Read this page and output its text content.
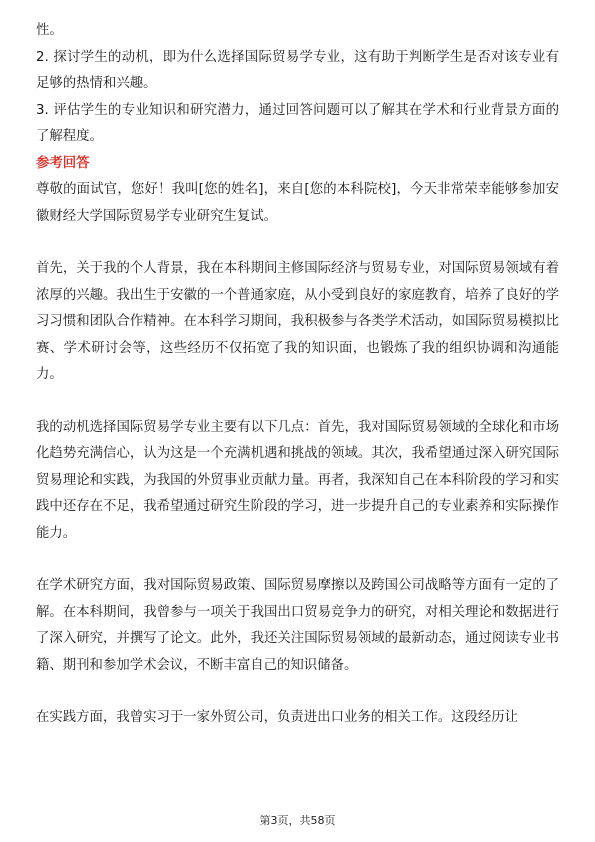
性。

2. 探讨学生的动机，即为什么选择国际贸易学专业，这有助于判断学生是否对该专业有足够的热情和兴趣。

3. 评估学生的专业知识和研究潜力，通过回答问题可以了解其在学术和行业背景方面的了解程度。

参考回答

尊敬的面试官，您好！我叫[您的姓名]，来自[您的本科院校]，今天非常荣幸能够参加安徽财经大学国际贸易学专业研究生复试。

首先，关于我的个人背景，我在本科期间主修国际经济与贸易专业，对国际贸易领域有着浓厚的兴趣。我出生于安徽的一个普通家庭，从小受到良好的家庭教育，培养了良好的学习习惯和团队合作精神。在本科学习期间，我积极参与各类学术活动，如国际贸易模拟比赛、学术研讨会等，这些经历不仅拓宽了我的知识面，也锻炼了我的组织协调和沟通能力。

我的动机选择国际贸易学专业主要有以下几点：首先，我对国际贸易领域的全球化和市场化趋势充满信心，认为这是一个充满机遇和挑战的领域。其次，我希望通过深入研究国际贸易理论和实践，为我国的外贸事业贡献力量。再者，我深知自己在本科阶段的学习和实践中还存在不足，我希望通过研究生阶段的学习，进一步提升自己的专业素养和实际操作能力。

在学术研究方面，我对国际贸易政策、国际贸易摩擦以及跨国公司战略等方面有一定的了解。在本科期间，我曾参与一项关于我国出口贸易竞争力的研究，对相关理论和数据进行了深入研究，并撰写了论文。此外，我还关注国际贸易领域的最新动态，通过阅读专业书籍、期刊和参加学术会议，不断丰富自己的知识储备。

在实践方面，我曾实习于一家外贸公司，负责进出口业务的相关工作。这段经历让

第3页，共58页
